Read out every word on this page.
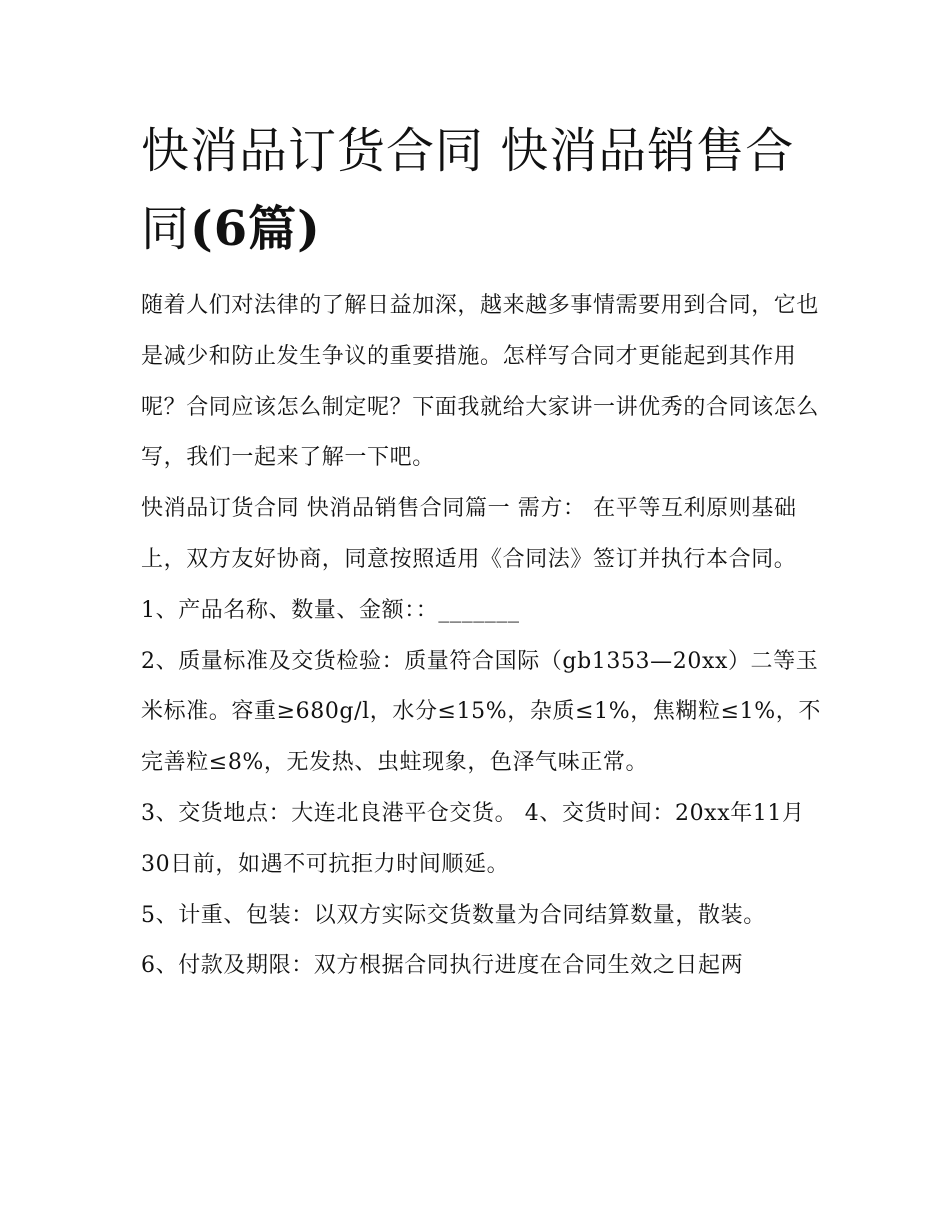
快消品订货合同 快消品销售合同(6篇)

随着人们对法律的了解日益加深，越来越多事情需要用到合同，它也是减少和防止发生争议的重要措施。怎样写合同才更能起到其作用呢？合同应该怎么制定呢？下面我就给大家讲一讲优秀的合同该怎么写，我们一起来了解一下吧。

快消品订货合同 快消品销售合同篇一 需方： 在平等互利原则基础上，双方友好协商，同意按照适用《合同法》签订并执行本合同。

1、产品名称、数量、金额：：_______

2、质量标准及交货检验：质量符合国际（gb1353—20xx）二等玉米标准。容重≥680g/l，水分≤15%，杂质≤1%，焦糊粒≤1%，不完善粒≤8%，无发热、虫蛀现象，色泽气味正常。

3、交货地点：大连北良港平仓交货。 4、交货时间：20xx年11月30日前，如遇不可抗拒力时间顺延。

5、计重、包装：以双方实际交货数量为合同结算数量，散装。

6、付款及期限：双方根据合同执行进度在合同生效之日起两
